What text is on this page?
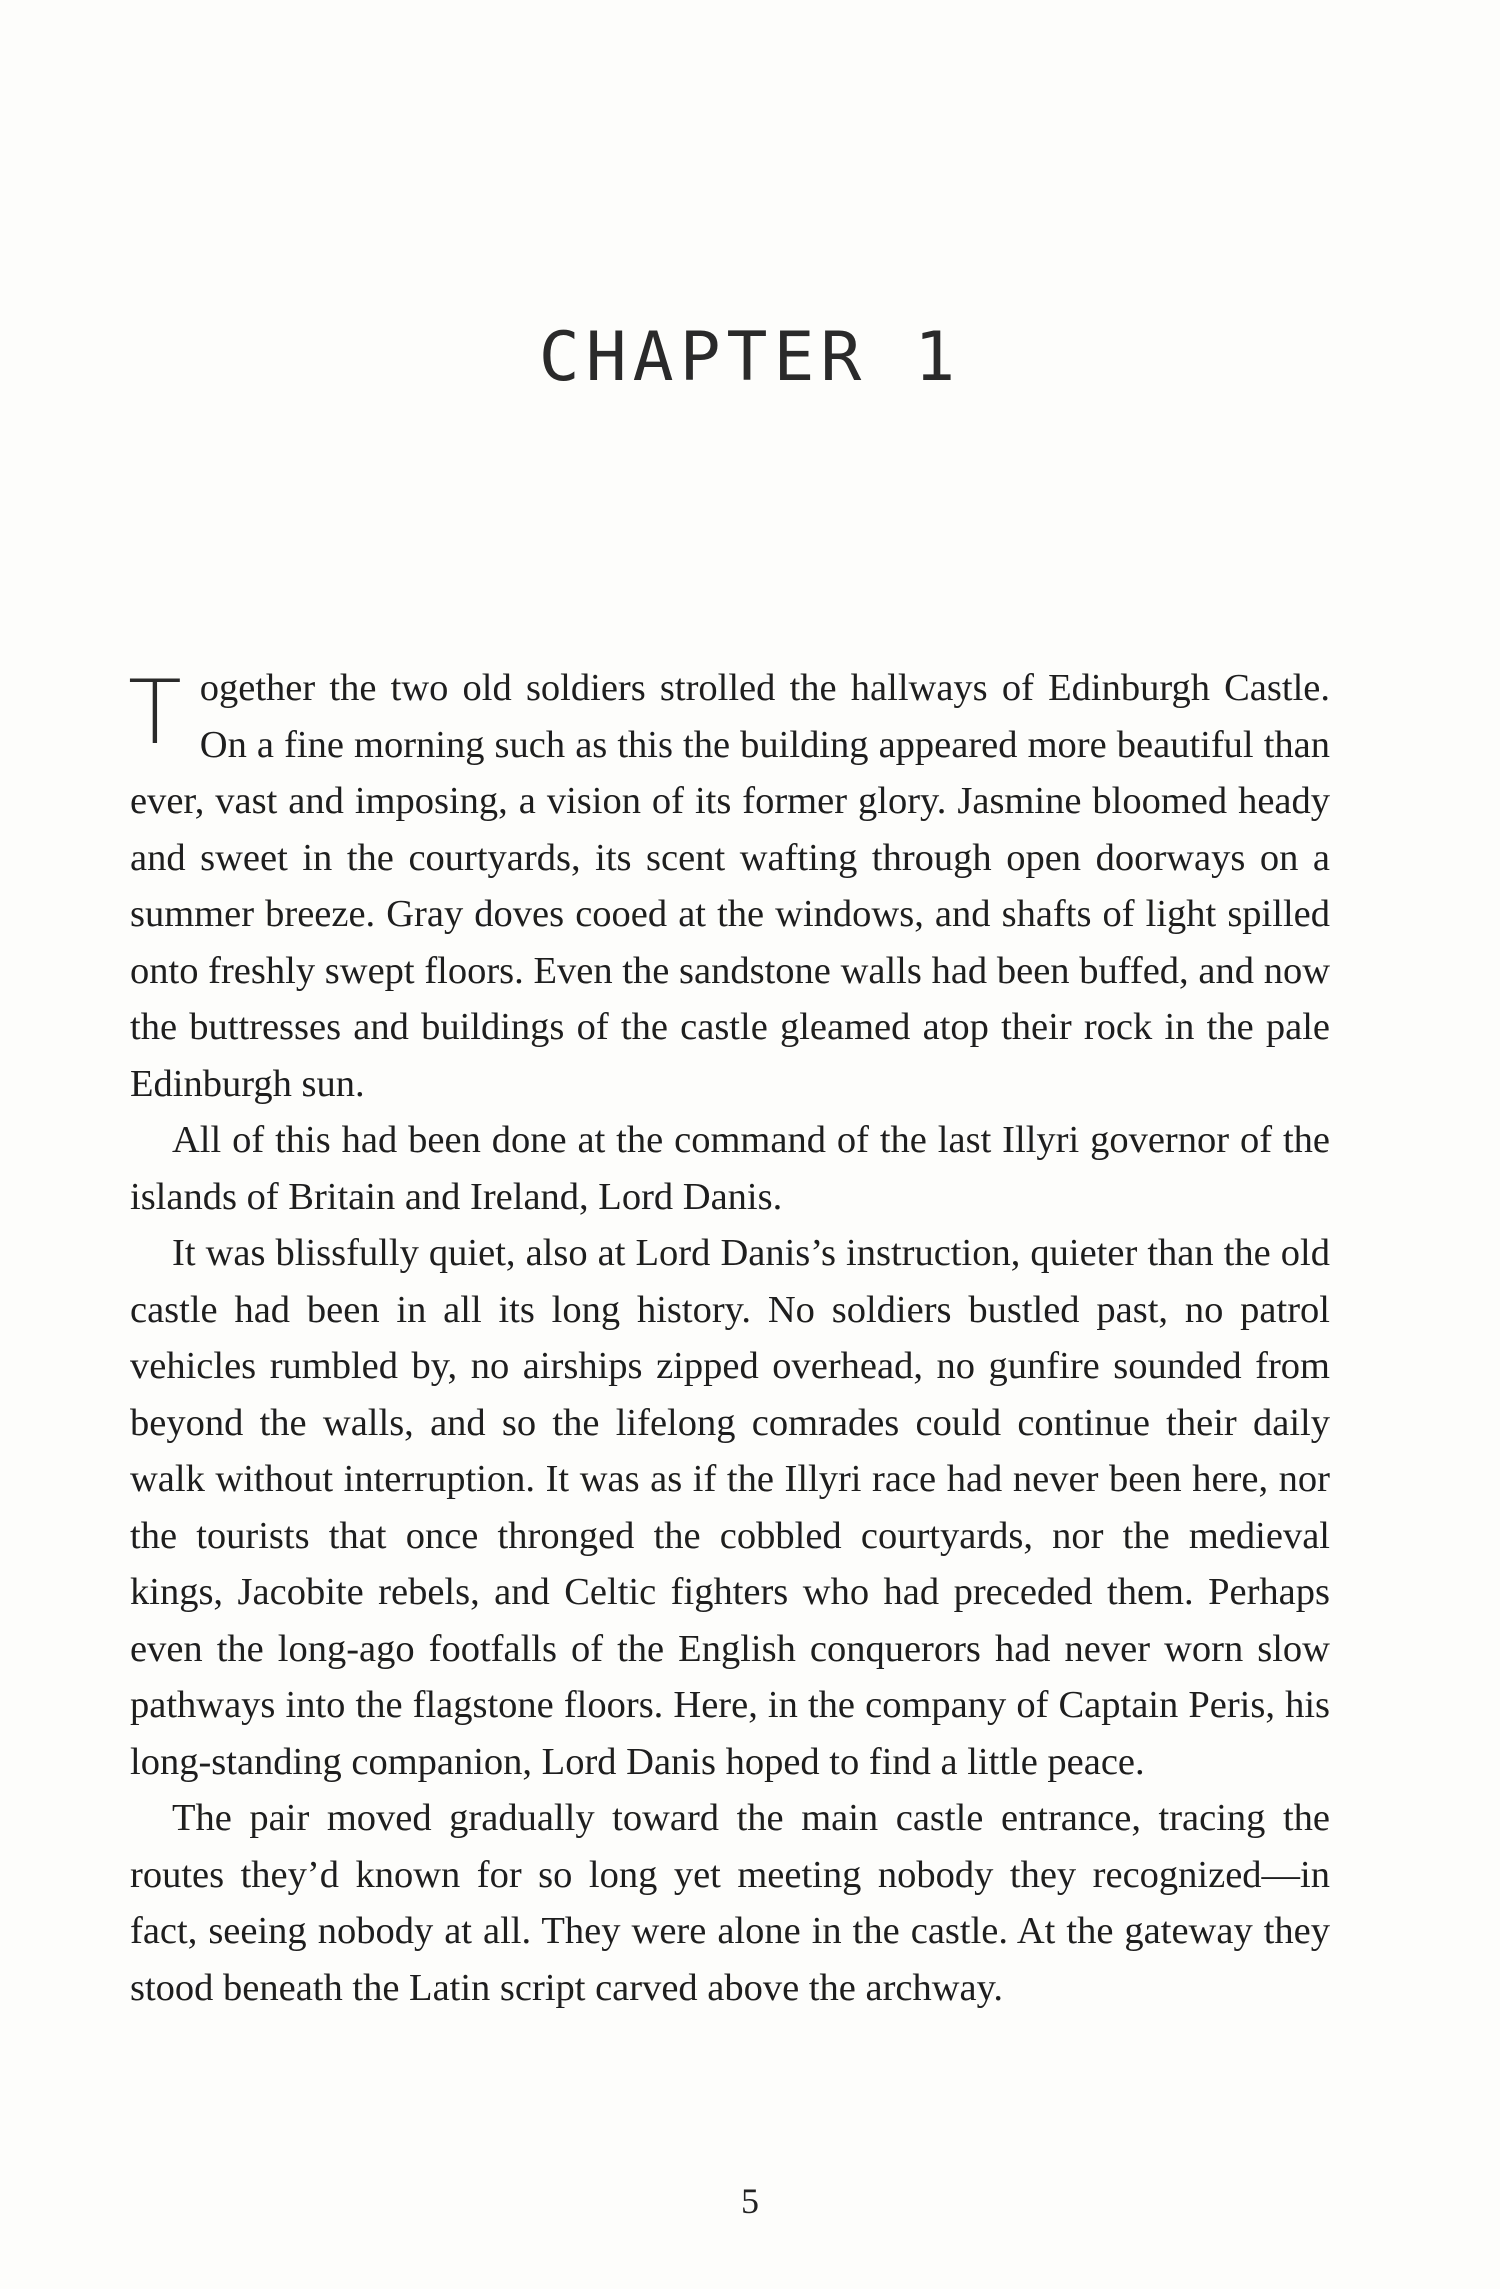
CHAPTER 1

Together the two old soldiers strolled the hallways of Edinburgh Castle. On a fine morning such as this the building appeared more beautiful than ever, vast and imposing, a vision of its former glory. Jasmine bloomed heady and sweet in the courtyards, its scent wafting through open doorways on a summer breeze. Gray doves cooed at the windows, and shafts of light spilled onto freshly swept floors. Even the sandstone walls had been buffed, and now the buttresses and buildings of the castle gleamed atop their rock in the pale Edinburgh sun.

All of this had been done at the command of the last Illyri governor of the islands of Britain and Ireland, Lord Danis.

It was blissfully quiet, also at Lord Danis’s instruction, quieter than the old castle had been in all its long history. No soldiers bustled past, no patrol vehicles rumbled by, no airships zipped overhead, no gunfire sounded from beyond the walls, and so the lifelong comrades could continue their daily walk without interruption. It was as if the Illyri race had never been here, nor the tourists that once thronged the cobbled courtyards, nor the medieval kings, Jacobite rebels, and Celtic fighters who had preceded them. Perhaps even the long-ago footfalls of the English conquerors had never worn slow pathways into the flagstone floors. Here, in the company of Captain Peris, his long-standing companion, Lord Danis hoped to find a little peace.

The pair moved gradually toward the main castle entrance, tracing the routes they’d known for so long yet meeting nobody they recognized—in fact, seeing nobody at all. They were alone in the castle. At the gateway they stood beneath the Latin script carved above the archway.

5
